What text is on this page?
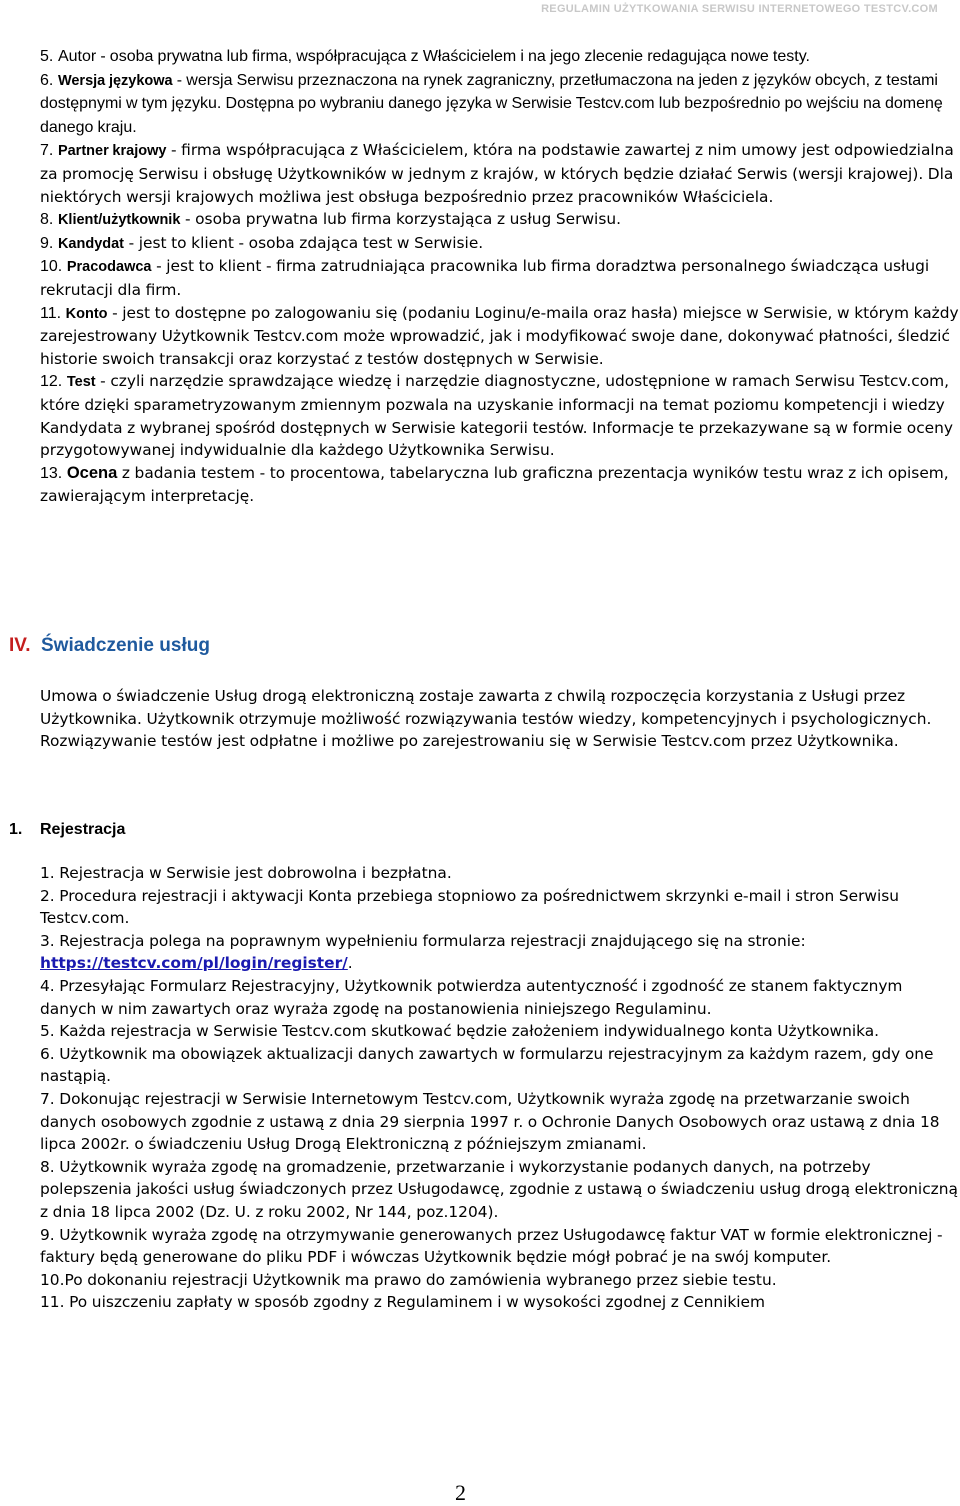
REGULAMIN UŻYTKOWANIA SERWISU INTERNETOWEGO TESTCV.COM

5. Autor - osoba prywatna lub firma, współpracująca z Właścicielem i na jego zlecenie redagująca nowe testy.

6. Wersja językowa - wersja Serwisu przeznaczona na rynek zagraniczny, przetłumaczona na jeden z języków obcych, z testami dostępnymi w tym języku. Dostępna po wybraniu danego języka w Serwisie Testcv.com lub bezpośrednio po wejściu na domenę danego kraju.

7. Partner krajowy - firma współpracująca z Właścicielem, która na podstawie zawartej z nim umowy jest odpowiedzialna za promocję Serwisu i obsługę Użytkowników w jednym z krajów, w których będzie działać Serwis (wersji krajowej). Dla niektórych wersji krajowych możliwa jest obsługa bezpośrednio przez pracowników Właściciela.

8. Klient/użytkownik - osoba prywatna lub firma korzystająca z usług Serwisu.

9. Kandydat - jest to klient - osoba zdająca test w Serwisie.

10. Pracodawca - jest to klient - firma zatrudniająca pracownika lub firma doradztwa personalnego świadcząca usługi rekrutacji dla firm.

11. Konto - jest to dostępne po zalogowaniu się (podaniu Loginu/e-maila oraz hasła) miejsce w Serwisie, w którym każdy zarejestrowany Użytkownik Testcv.com może wprowadzić, jak i modyfikować swoje dane, dokonywać płatności, śledzić historie swoich transakcji oraz korzystać z testów dostępnych w Serwisie.

12. Test - czyli narzędzie sprawdzające wiedzę i narzędzie diagnostyczne, udostępnione w ramach Serwisu Testcv.com, które dzięki sparametryzowanym zmiennym pozwala na uzyskanie informacji na temat poziomu kompetencji i wiedzy Kandydata z wybranej spośród dostępnych w Serwisie kategorii testów. Informacje te przekazywane są w formie oceny przygotowywanej indywidualnie dla każdego Użytkownika Serwisu.

13. Ocena z badania testem - to procentowa, tabelaryczna lub graficzna prezentacja wyników testu wraz z ich opisem, zawierającym interpretację.

IV. Świadczenie usług

Umowa o świadczenie Usług drogą elektroniczną zostaje zawarta z chwilą rozpoczęcia korzystania z Usługi przez Użytkownika. Użytkownik otrzymuje możliwość rozwiązywania testów wiedzy, kompetencyjnych i psychologicznych. Rozwiązywanie testów jest odpłatne i możliwe po zarejestrowaniu się w Serwisie Testcv.com przez Użytkownika.

1. Rejestracja

1. Rejestracja w Serwisie jest dobrowolna i bezpłatna.

2. Procedura rejestracji i aktywacji Konta przebiega stopniowo za pośrednictwem skrzynki e-mail i stron Serwisu Testcv.com.

3. Rejestracja polega na poprawnym wypełnieniu formularza rejestracji znajdującego się na stronie: https://testcv.com/pl/login/register/.

4. Przesyłając Formularz Rejestracyjny, Użytkownik potwierdza autentyczność i zgodność ze stanem faktycznym danych w nim zawartych oraz wyraża zgodę na postanowienia niniejszego Regulaminu.

5. Każda rejestracja w Serwisie Testcv.com skutkować będzie założeniem indywidualnego konta Użytkownika.

6. Użytkownik ma obowiązek aktualizacji danych zawartych w formularzu rejestracyjnym za każdym razem, gdy one nastąpią.

7. Dokonując rejestracji w Serwisie Internetowym Testcv.com, Użytkownik wyraża zgodę na przetwarzanie swoich danych osobowych zgodnie z ustawą z dnia 29 sierpnia 1997 r. o Ochronie Danych Osobowych oraz ustawą z dnia 18 lipca 2002r. o świadczeniu Usług Drogą Elektroniczną z późniejszym zmianami.

8. Użytkownik wyraża zgodę na gromadzenie, przetwarzanie i wykorzystanie podanych danych, na potrzeby polepszenia jakości usług świadczonych przez Usługodawcę, zgodnie z ustawą o świadczeniu usług drogą elektroniczną z dnia 18 lipca 2002 (Dz. U. z roku 2002, Nr 144, poz.1204).

9. Użytkownik wyraża zgodę na otrzymywanie generowanych przez Usługodawcę faktur VAT w formie elektronicznej - faktury będą generowane do pliku PDF i wówczas Użytkownik będzie mógł pobrać je na swój komputer.

10.Po dokonaniu rejestracji Użytkownik ma prawo do zamówienia wybranego przez siebie testu.

11. Po uiszczeniu zapłaty w sposób zgodny z Regulaminem i w wysokości zgodnej z Cennikiem

2
